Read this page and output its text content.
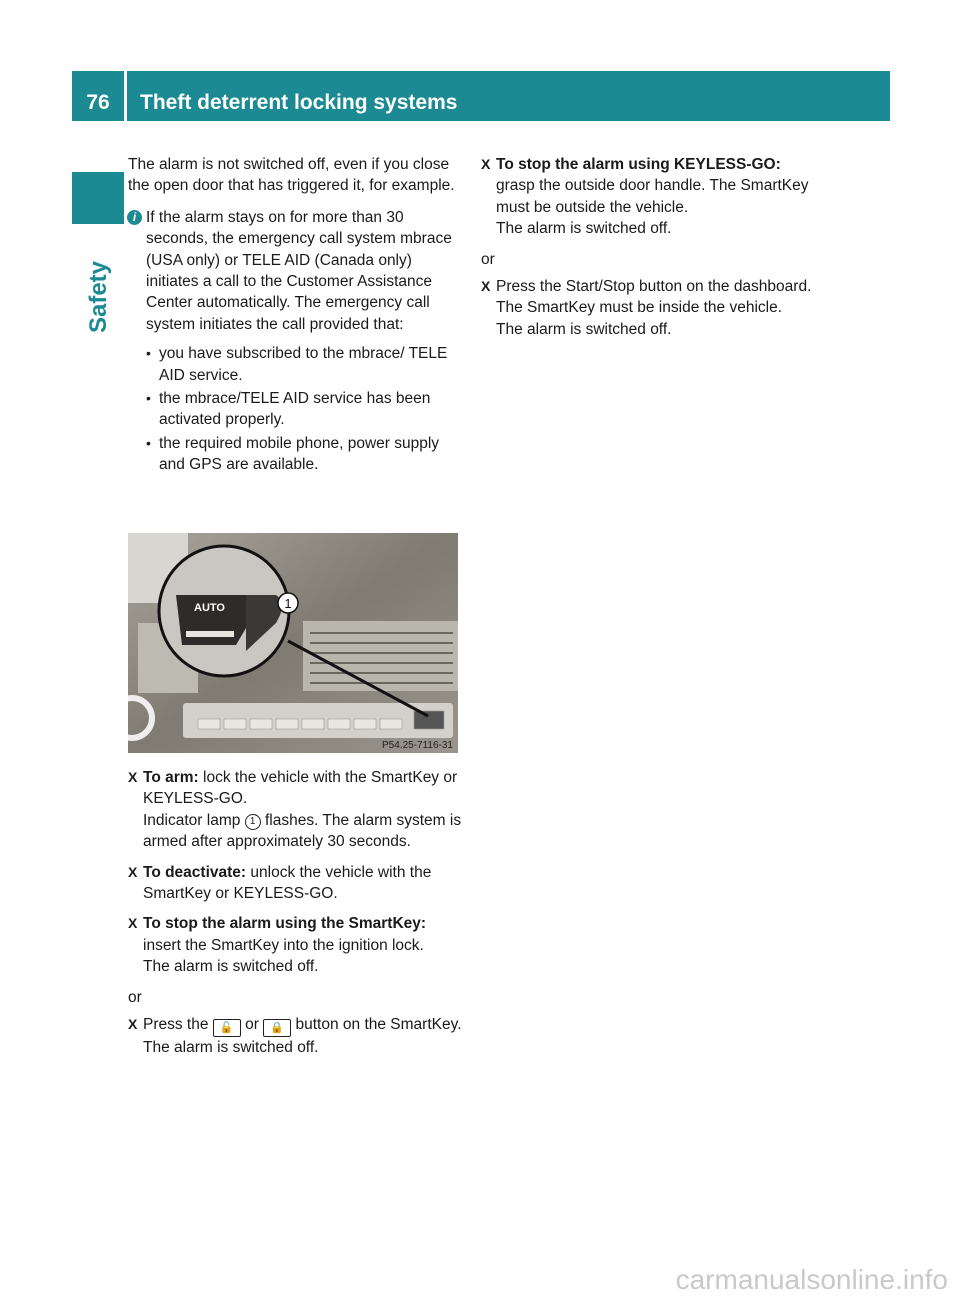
76	Theft deterrent locking systems
Safety

The alarm is not switched off, even if you close the open door that has triggered it, for example.

i If the alarm stays on for more than 30 seconds, the emergency call system mbrace (USA only) or TELE AID (Canada only) initiates a call to the Customer Assistance Center automatically. The emergency call system initiates the call provided that:
• you have subscribed to the mbrace/ TELE AID service.
• the mbrace/TELE AID service has been activated properly.
• the required mobile phone, power supply and GPS are available.
1
AUTO
P54.25-7116-31
X To arm: lock the vehicle with the SmartKey or KEYLESS-GO.
Indicator lamp 1 flashes. The alarm system is armed after approximately 30 seconds.
X To deactivate: unlock the vehicle with the SmartKey or KEYLESS-GO.
X To stop the alarm using the SmartKey: insert the SmartKey into the ignition lock.
The alarm is switched off.
or
X Press the 🔓 or 🔒 button on the SmartKey.
The alarm is switched off.
X To stop the alarm using KEYLESS-GO: grasp the outside door handle. The SmartKey must be outside the vehicle.
The alarm is switched off.
or
X Press the Start/Stop button on the dashboard. The SmartKey must be inside the vehicle.
The alarm is switched off.
carmanualsonline.info
